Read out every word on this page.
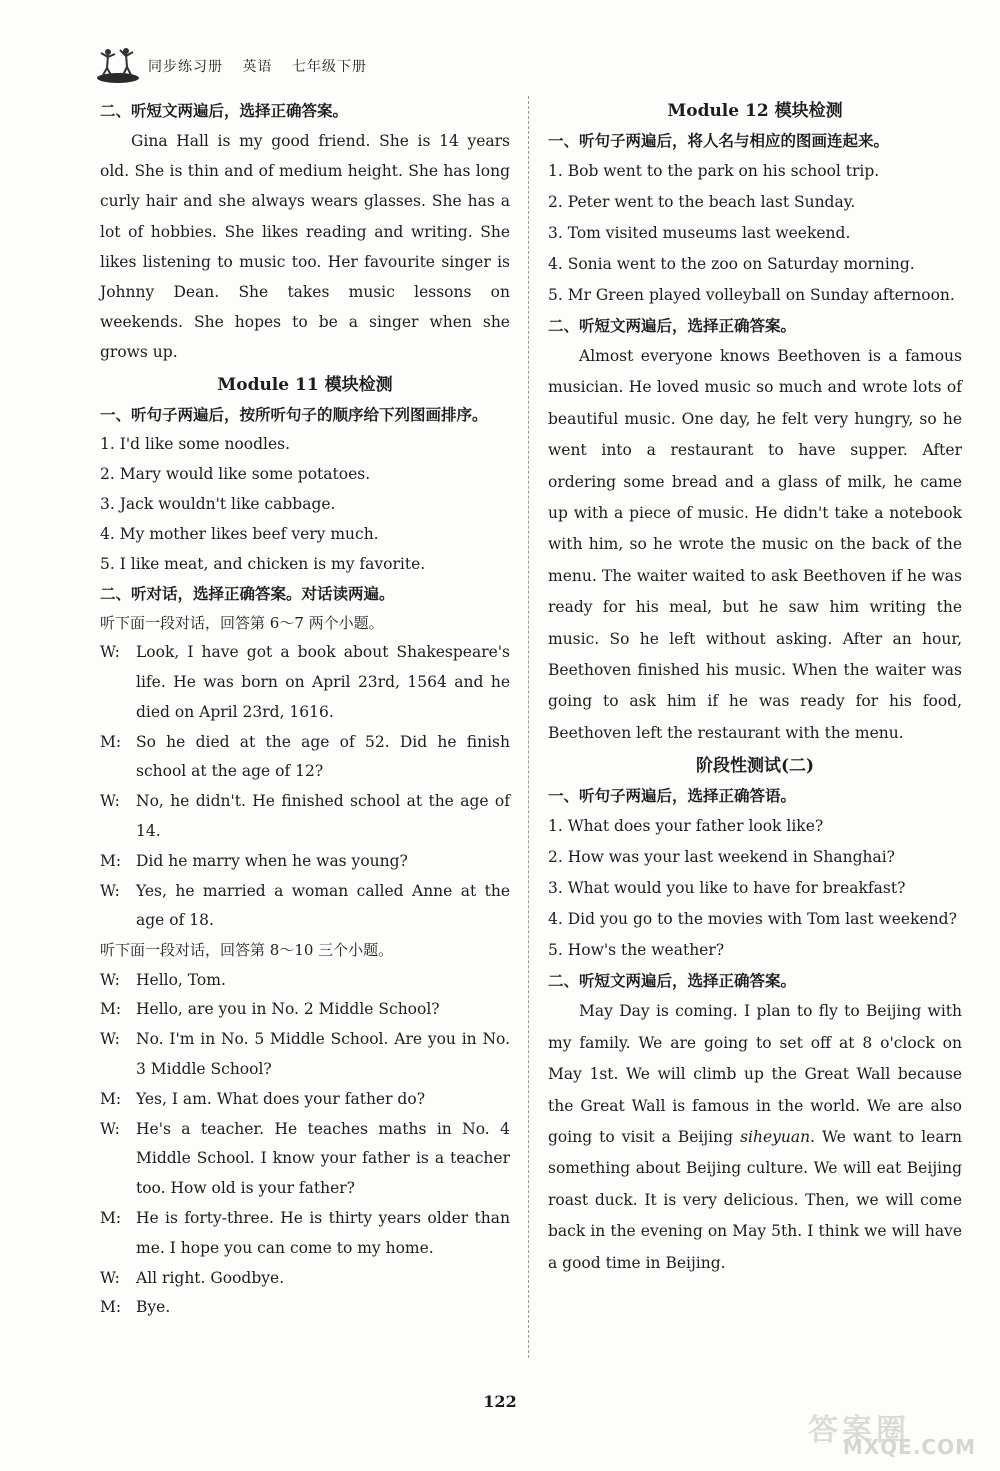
同步练习册 英语 七年级下册
二、听短文两遍后，选择正确答案。

Gina Hall is my good friend. She is 14 years old. She is thin and of medium height. She has long curly hair and she always wears glasses. She has a lot of hobbies. She likes reading and writing. She likes listening to music too. Her favourite singer is Johnny Dean. She takes music lessons on weekends. She hopes to be a singer when she grows up.

Module 11 模块检测
一、听句子两遍后，按所听句子的顺序给下列图画排序。
1. I'd like some noodles.
2. Mary would like some potatoes.
3. Jack wouldn't like cabbage.
4. My mother likes beef very much.
5. I like meat, and chicken is my favorite.
二、听对话，选择正确答案。对话读两遍。
听下面一段对话，回答第 6～7 两个小题。
W: Look, I have got a book about Shakespeare's life. He was born on April 23rd, 1564 and he died on April 23rd, 1616.
M: So he died at the age of 52. Did he finish school at the age of 12?
W: No, he didn't. He finished school at the age of 14.
M: Did he marry when he was young?
W: Yes, he married a woman called Anne at the age of 18.
听下面一段对话，回答第 8～10 三个小题。
W: Hello, Tom.
M: Hello, are you in No. 2 Middle School?
W: No. I'm in No. 5 Middle School. Are you in No. 3 Middle School?
M: Yes, I am. What does your father do?
W: He's a teacher. He teaches maths in No. 4 Middle School. I know your father is a teacher too. How old is your father?
M: He is forty-three. He is thirty years older than me. I hope you can come to my home.
W: All right. Goodbye.
M: Bye.
Module 12 模块检测
一、听句子两遍后，将人名与相应的图画连起来。
1. Bob went to the park on his school trip.
2. Peter went to the beach last Sunday.
3. Tom visited museums last weekend.
4. Sonia went to the zoo on Saturday morning.
5. Mr Green played volleyball on Sunday afternoon.
二、听短文两遍后，选择正确答案。

Almost everyone knows Beethoven is a famous musician. He loved music so much and wrote lots of beautiful music. One day, he felt very hungry, so he went into a restaurant to have supper. After ordering some bread and a glass of milk, he came up with a piece of music. He didn't take a notebook with him, so he wrote the music on the back of the menu. The waiter waited to ask Beethoven if he was ready for his meal, but he saw him writing the music. So he left without asking. After an hour, Beethoven finished his music. When the waiter was going to ask him if he was ready for his food, Beethoven left the restaurant with the menu.

阶段性测试(二)
一、听句子两遍后，选择正确答语。
1. What does your father look like?
2. How was your last weekend in Shanghai?
3. What would you like to have for breakfast?
4. Did you go to the movies with Tom last weekend?
5. How's the weather?
二、听短文两遍后，选择正确答案。

May Day is coming. I plan to fly to Beijing with my family. We are going to set off at 8 o'clock on May 1st. We will climb up the Great Wall because the Great Wall is famous in the world. We are also going to visit a Beijing siheyuan. We want to learn something about Beijing culture. We will eat Beijing roast duck. It is very delicious. Then, we will come back in the evening on May 5th. I think we will have a good time in Beijing.

122
答案圈
MXQE.COM
